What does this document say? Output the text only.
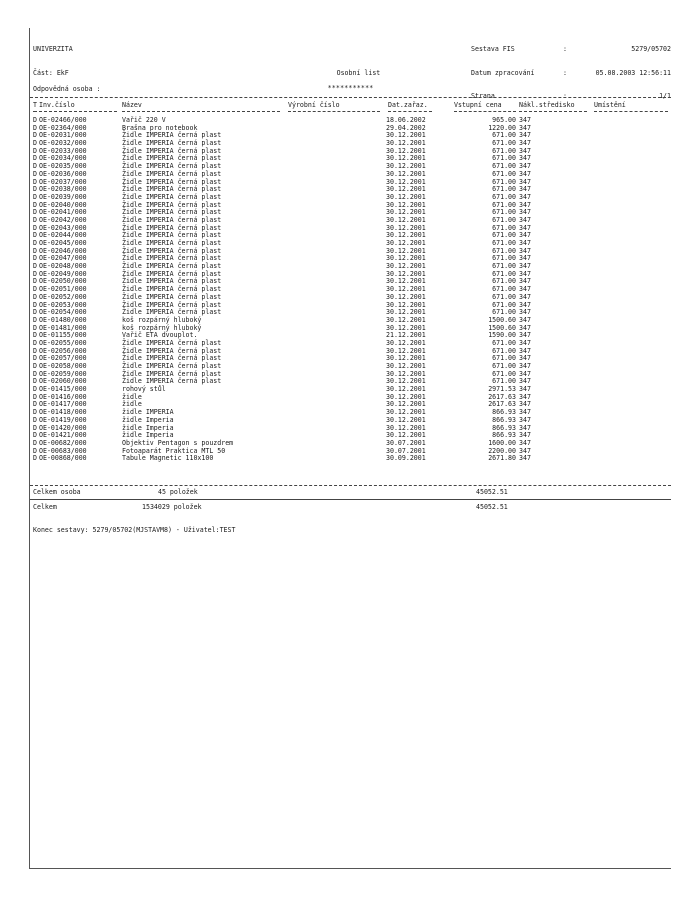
UNIVERZITA

Část: EkF

Sestava FIS	:	5279/05702

Datum zpracování	:	05.08.2003 12:56:11

Strana	:	1/1

Osobní list

***********

Odpovědná osoba :
T Inv.číslo	Název	Výrobní číslo	Dat.zařaz.	Vstupní cena	Nákl.středisko	Umístění
D OE-02466/000	Vařič 220 V	18.06.2002	965.00 347
D OE-02364/000	Brašna pro notebook	29.04.2002	1220.00 347
D OE-02031/000	Židle IMPERIA černá plast	30.12.2001	671.00 347
D OE-02032/000	Židle IMPERIA černá plast	30.12.2001	671.00 347
D OE-02033/000	Židle IMPERIA černá plast	30.12.2001	671.00 347
D OE-02034/000	Židle IMPERIA černá plast	30.12.2001	671.00 347
D OE-02035/000	Židle IMPERIA černá plast	30.12.2001	671.00 347
D OE-02036/000	Židle IMPERIA černá plast	30.12.2001	671.00 347
D OE-02037/000	Židle IMPERIA černá plast	30.12.2001	671.00 347
D OE-02038/000	Židle IMPERIA černá plast	30.12.2001	671.00 347
D OE-02039/000	Židle IMPERIA černá plast	30.12.2001	671.00 347
D OE-02040/000	Židle IMPERIA černá plast	30.12.2001	671.00 347
D OE-02041/000	Židle IMPERIA černá plast	30.12.2001	671.00 347
D OE-02042/000	Židle IMPERIA černá plast	30.12.2001	671.00 347
D OE-02043/000	Židle IMPERIA černá plast	30.12.2001	671.00 347
D OE-02044/000	Židle IMPERIA černá plast	30.12.2001	671.00 347
D OE-02045/000	Židle IMPERIA černá plast	30.12.2001	671.00 347
D OE-02046/000	Židle IMPERIA černá plast	30.12.2001	671.00 347
D OE-02047/000	Židle IMPERIA černá plast	30.12.2001	671.00 347
D OE-02048/000	Židle IMPERIA černá plast	30.12.2001	671.00 347
D OE-02049/000	Židle IMPERIA černá plast	30.12.2001	671.00 347
D OE-02050/000	Židle IMPERIA černá plast	30.12.2001	671.00 347
D OE-02051/000	Židle IMPERIA černá plast	30.12.2001	671.00 347
D OE-02052/000	Židle IMPERIA černá plast	30.12.2001	671.00 347
D OE-02053/000	Židle IMPERIA černá plast	30.12.2001	671.00 347
D OE-02054/000	Židle IMPERIA černá plast	30.12.2001	671.00 347
D OE-01480/000	koš rozpárný hluboký	30.12.2001	1500.60 347
D OE-01481/000	koš rozpárný hluboký	30.12.2001	1500.60 347
D OE-01155/000	Vařič ETA dvouplot.	21.12.2001	1590.00 347
D OE-02055/000	Židle IMPERIA černá plast	30.12.2001	671.00 347
D OE-02056/000	Židle IMPERIA černá plast	30.12.2001	671.00 347
D OE-02057/000	Židle IMPERIA černá plast	30.12.2001	671.00 347
D OE-02058/000	Židle IMPERIA černá plast	30.12.2001	671.00 347
D OE-02059/000	Židle IMPERIA černá plast	30.12.2001	671.00 347
D OE-02060/000	Židle IMPERIA černá plast	30.12.2001	671.00 347
D OE-01415/000	rohový stůl	30.12.2001	2971.53 347
D OE-01416/000	židle	30.12.2001	2617.63 347
D OE-01417/000	židle	30.12.2001	2617.63 347
D OE-01418/000	židle IMPERIA	30.12.2001	866.93 347
D OE-01419/000	židle Imperia	30.12.2001	866.93 347
D OE-01420/000	židle Imperia	30.12.2001	866.93 347
D OE-01421/000	židle Imperia	30.12.2001	866.93 347
D OE-00682/000	Objektiv Pentagon s pouzdrem	30.07.2001	1600.00 347
D OE-00683/000	Fotoaparát Praktica MTL 50	30.07.2001	2200.00 347
D OE-00868/000	Tabule Magnetic 110x100	30.09.2001	2671.80 347
Celkem osoba	45 položek	45052.51
Celkem	1534029 položek	45052.51
Konec sestavy: 5279/05702(MJSTAVM8) - Uživatel:TEST
